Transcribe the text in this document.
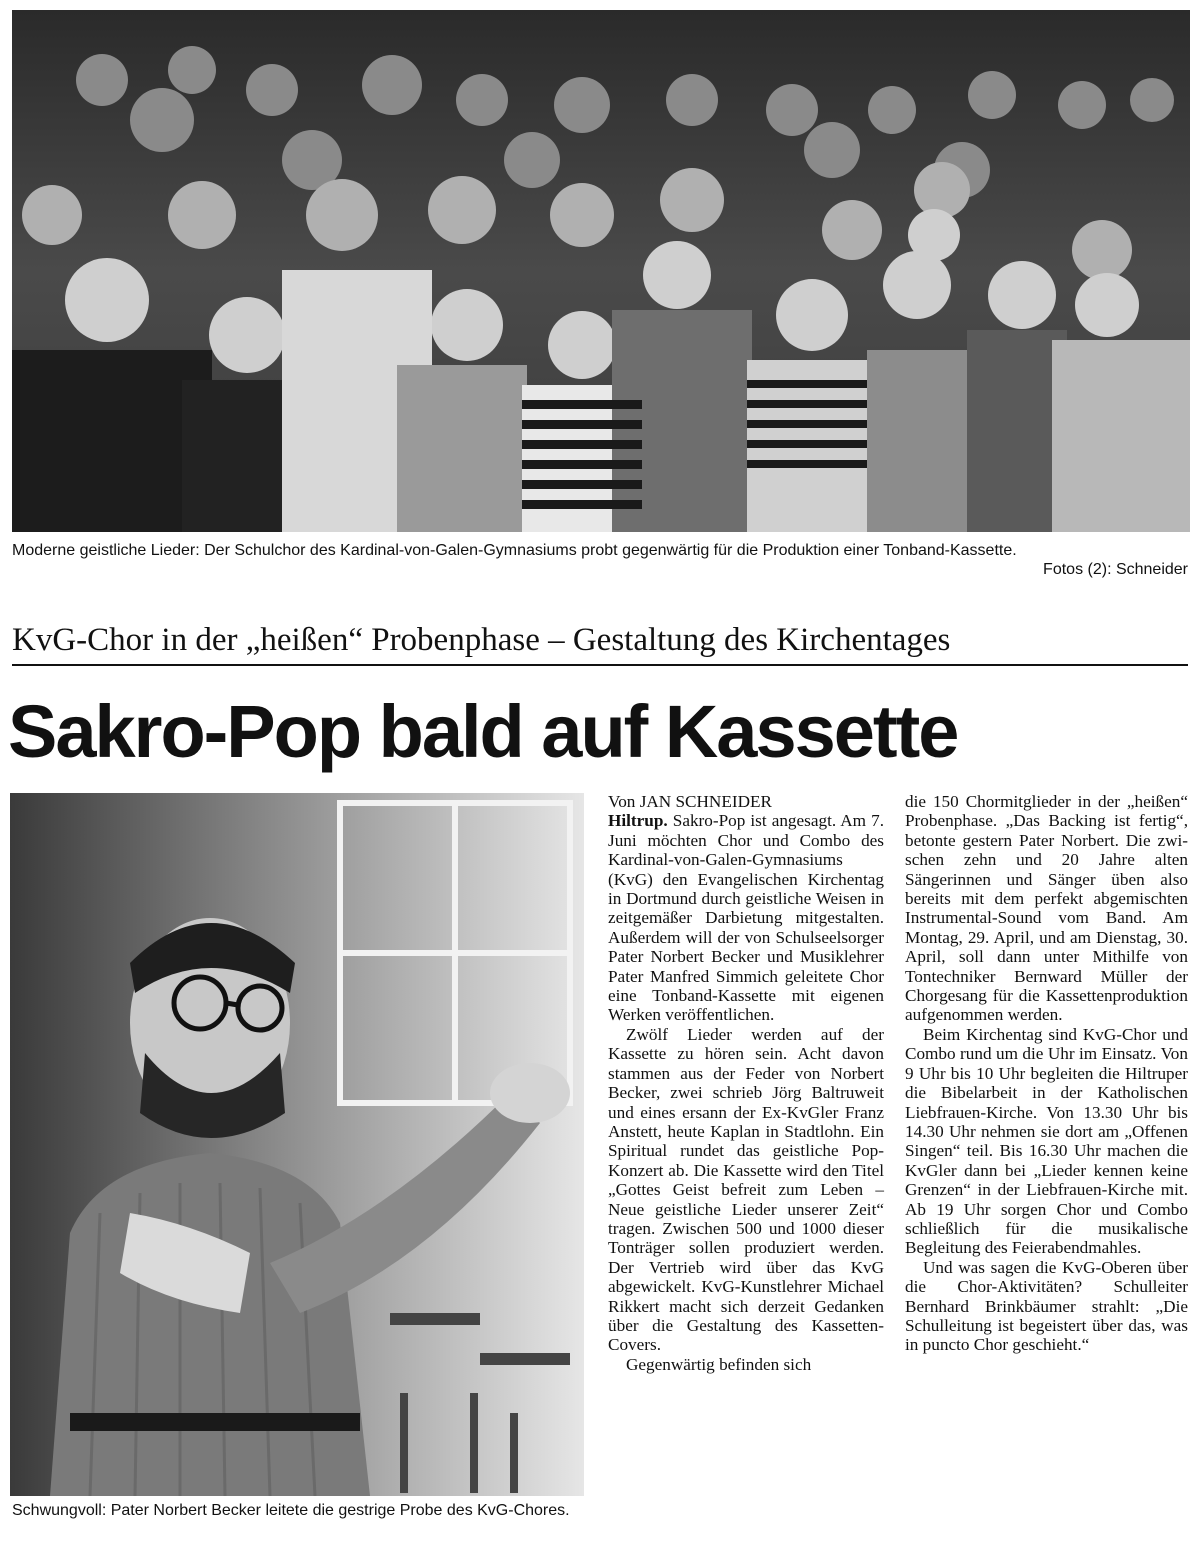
Moderne geistliche Lieder: Der Schulchor des Kardinal-von-Galen-Gymnasiums probt gegenwärtig für die Produktion einer Tonband-Kassette.
Fotos (2): Schneider
KvG-Chor in der „heißen“ Probenphase – Gestaltung des Kirchentages
Sakro-Pop bald auf Kassette
Schwungvoll: Pater Norbert Becker leitete die gestrige Probe des KvG-Chores.

Von JAN SCHNEIDER

Hiltrup. Sakro-Pop ist angesagt. Am 7. Juni möchten Chor und Combo des Kardinal-von-Galen-Gymnasiums (KvG) den Evangelischen Kirchentag in Dortmund durch geistliche Weisen in zeitgemäßer Darbietung mitgestalten. Außerdem will der von Schulseelsorger Pater Norbert Becker und Musiklehrer Pater Manfred Simmich geleitete Chor eine Tonband-Kassette mit eigenen Werken veröffentlichen.

Zwölf Lieder werden auf der Kassette zu hören sein. Acht davon stammen aus der Feder von Norbert Becker, zwei schrieb Jörg Baltruweit und eines ersann der Ex-KvGler Franz Anstett, heute Kaplan in Stadtlohn. Ein Spiritual rundet das geistliche Pop-Konzert ab. Die Kassette wird den Titel „Gottes Geist befreit zum Leben – Neue geistliche Lieder unserer Zeit“ tragen. Zwischen 500 und 1000 dieser Tonträger sollen produziert werden. Der Vertrieb wird über das KvG abgewickelt. KvG-Kunstlehrer Michael Rikkert macht sich derzeit Gedanken über die Gestaltung des Kassetten-Covers.

Gegenwärtig befinden sich

die 150 Chormitglieder in der „heißen“ Probenphase. „Das Backing ist fertig“, betonte gestern Pater Norbert. Die zwischen zehn und 20 Jahre alten Sängerinnen und Sänger üben also bereits mit dem perfekt abgemischten Instrumental-Sound vom Band. Am Montag, 29. April, und am Dienstag, 30. April, soll dann unter Mithilfe von Tontechniker Bernward Müller der Chorgesang für die Kassettenproduktion aufgenommen werden.

Beim Kirchentag sind KvG-Chor und Combo rund um die Uhr im Einsatz. Von 9 Uhr bis 10 Uhr begleiten die Hiltruper die Bibelarbeit in der Katholischen Liebfrauen-Kirche. Von 13.30 Uhr bis 14.30 Uhr nehmen sie dort am „Offenen Singen“ teil. Bis 16.30 Uhr machen die KvGler dann bei „Lieder kennen keine Grenzen“ in der Liebfrauen-Kirche mit. Ab 19 Uhr sorgen Chor und Combo schließlich für die musikalische Begleitung des Feierabendmahles.

Und was sagen die KvG-Oberen über die Chor-Aktivitäten? Schulleiter Bernhard Brinkbäumer strahlt: „Die Schulleitung ist begeistert über das, was in puncto Chor geschieht.“
